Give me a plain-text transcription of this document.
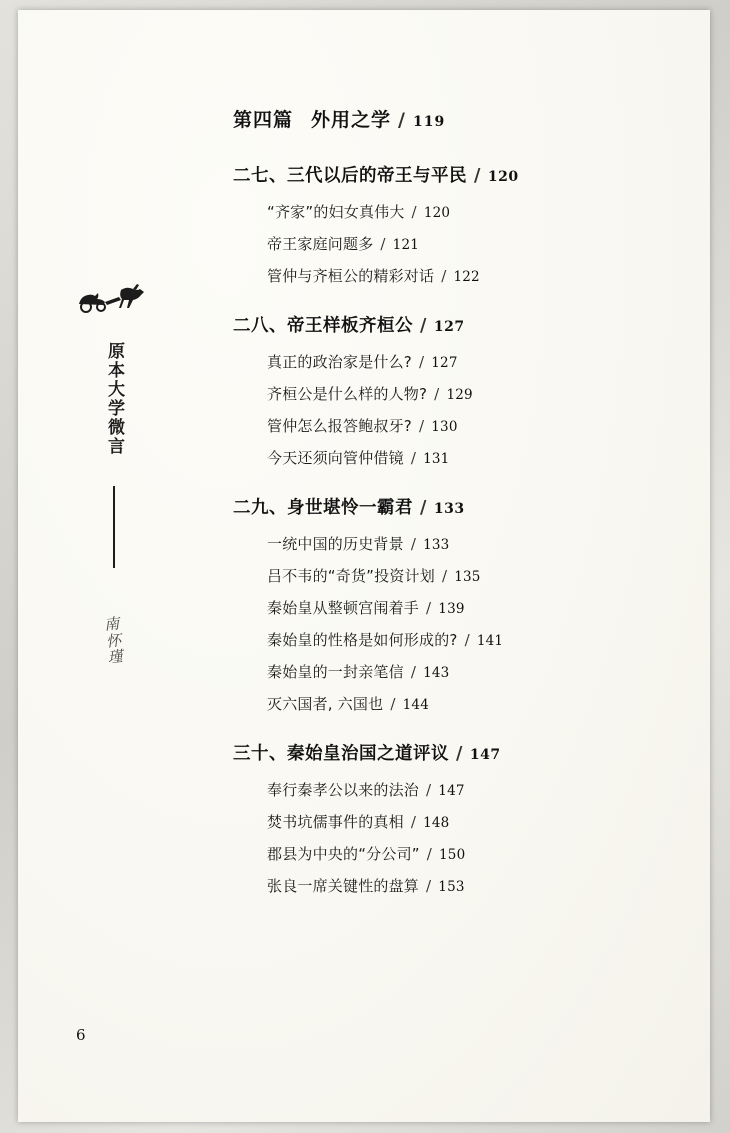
原本大学微言
南
怀
瑾
第四篇 外用之学 / 119
二七、三代以后的帝王与平民 / 120
“齐家”的妇女真伟大 / 120
帝王家庭问题多 / 121
管仲与齐桓公的精彩对话 / 122
二八、帝王样板齐桓公 / 127
真正的政治家是什么? / 127
齐桓公是什么样的人物? / 129
管仲怎么报答鲍叔牙? / 130
今天还须向管仲借镜 / 131
二九、身世堪怜一霸君 / 133
一统中国的历史背景 / 133
吕不韦的“奇货”投资计划 / 135
秦始皇从整顿宫闱着手 / 139
秦始皇的性格是如何形成的? / 141
秦始皇的一封亲笔信 / 143
灭六国者, 六国也 / 144
三十、秦始皇治国之道评议 / 147
奉行秦孝公以来的法治 / 147
焚书坑儒事件的真相 / 148
郡县为中央的“分公司” / 150
张良一席关键性的盘算 / 153
6
